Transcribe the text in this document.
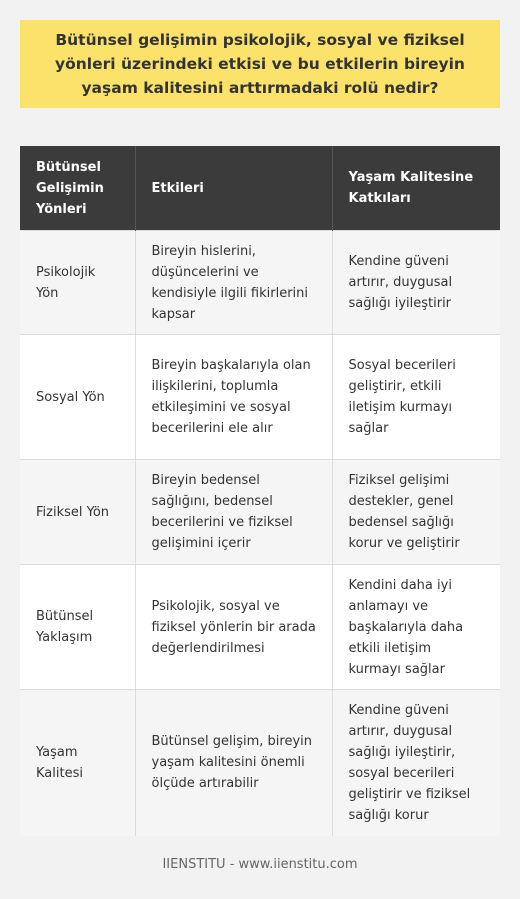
Bütünsel gelişimin psikolojik, sosyal ve fiziksel yönleri üzerindeki etkisi ve bu etkilerin bireyin yaşam kalitesini arttırmadaki rolü nedir?
Bütünsel Gelişimin Yönleri	Etkileri	Yaşam Kalitesine Katkıları
Psikolojik Yön	Bireyin hislerini, düşüncelerini ve kendisiyle ilgili fikirlerini kapsar	Kendine güveni artırır, duygusal sağlığı iyileştirir
Sosyal Yön	Bireyin başkalarıyla olan ilişkilerini, toplumla etkileşimini ve sosyal becerilerini ele alır	Sosyal becerileri geliştirir, etkili iletişim kurmayı sağlar
Fiziksel Yön	Bireyin bedensel sağlığını, bedensel becerilerini ve fiziksel gelişimini içerir	Fiziksel gelişimi destekler, genel bedensel sağlığı korur ve geliştirir
Bütünsel Yaklaşım	Psikolojik, sosyal ve fiziksel yönlerin bir arada değerlendirilmesi	Kendini daha iyi anlamayı ve başkalarıyla daha etkili iletişim kurmayı sağlar
Yaşam Kalitesi	Bütünsel gelişim, bireyin yaşam kalitesini önemli ölçüde artırabilir	Kendine güveni artırır, duygusal sağlığı iyileştirir, sosyal becerileri geliştirir ve fiziksel sağlığı korur
IIENSTITU - www.iienstitu.com
